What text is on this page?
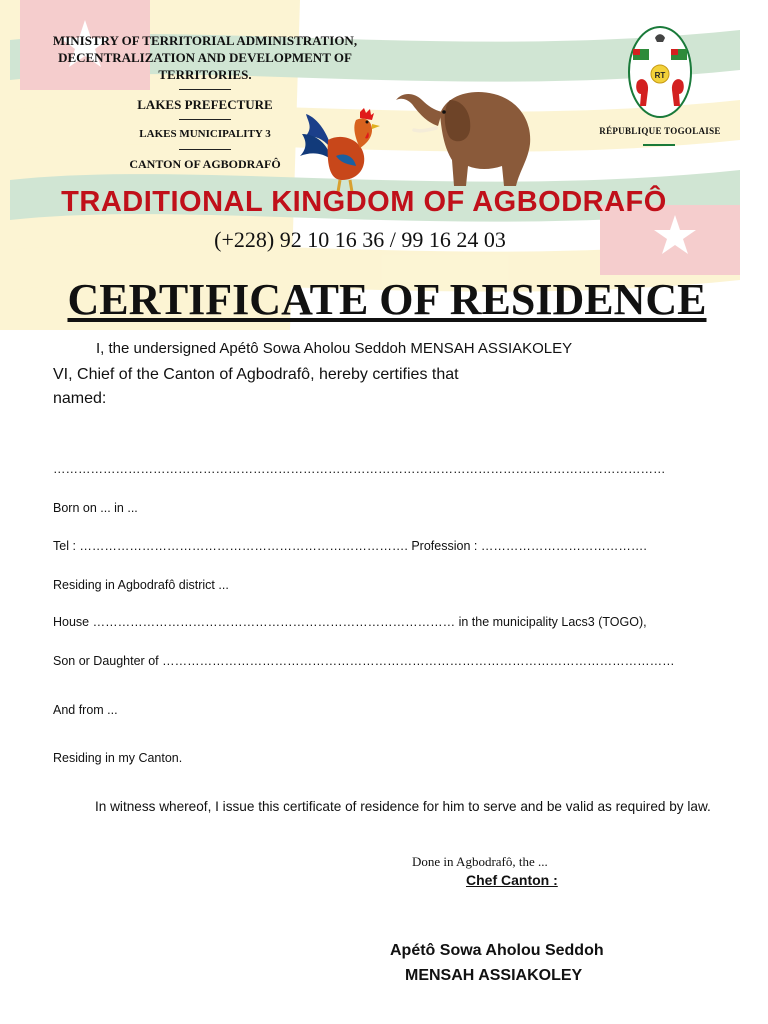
MINISTRY OF TERRITORIAL ADMINISTRATION,
DECENTRALIZATION AND DEVELOPMENT OF
TERRITORIES.
LAKES PREFECTURE
LAKES MUNICIPALITY 3
CANTON OF AGBODRAFÔ
RT
RÉPUBLIQUE TOGOLAISE
TRADITIONAL KINGDOM OF AGBODRAFÔ
(+228) 92 10 16 36 / 99 16 24 03
CERTIFICATE OF RESIDENCE
I, the undersigned Apétô Sowa Aholou Seddoh MENSAH ASSIAKOLEY
VI, Chief of the Canton of Agbodrafô, hereby certifies that
named:
…………………………………………………………………………………………………………………………………
Born on ... in ...
Tel : ……………………………………………………………………. Profession : ………………………………….
Residing in Agbodrafô district ...
House …………………………………………………………………………… in the municipality Lacs3 (TOGO),
Son or Daughter of ……………………………………………………………………………………………………………
And from ...
Residing in my Canton.
In witness whereof, I issue this certificate of residence for him to serve and be valid as required by law.
Done in Agbodrafô, the ...
Chef Canton :
Apétô Sowa Aholou Seddoh
MENSAH ASSIAKOLEY
